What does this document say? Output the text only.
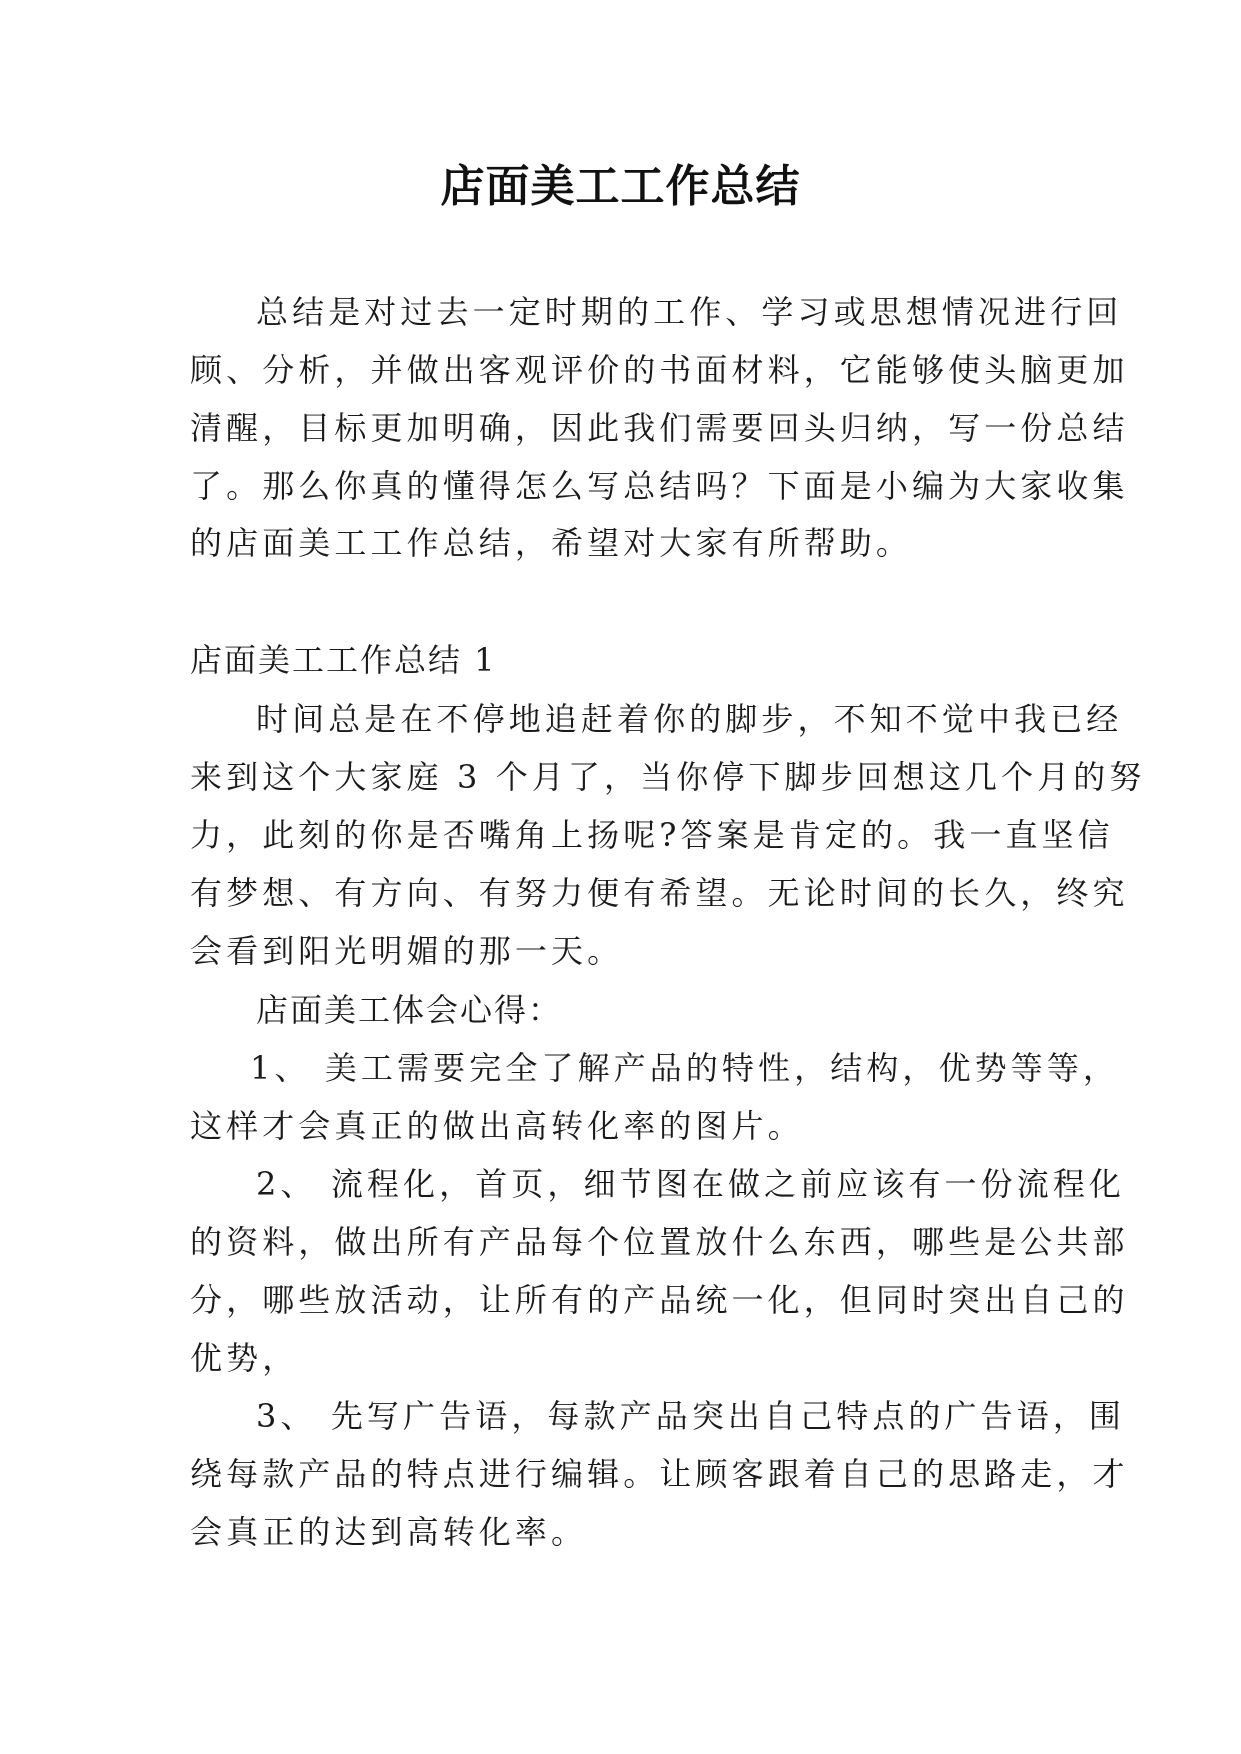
店面美工工作总结

总结是对过去一定时期的工作、学习或思想情况进行回

顾、分析，并做出客观评价的书面材料，它能够使头脑更加

清醒，目标更加明确，因此我们需要回头归纳，写一份总结

了。那么你真的懂得怎么写总结吗？下面是小编为大家收集

的店面美工工作总结，希望对大家有所帮助。

店面美工工作总结 1

时间总是在不停地追赶着你的脚步，不知不觉中我已经

来到这个大家庭 3 个月了，当你停下脚步回想这几个月的努

力，此刻的你是否嘴角上扬呢?答案是肯定的。我一直坚信

有梦想、有方向、有努力便有希望。无论时间的长久，终究

会看到阳光明媚的那一天。

店面美工体会心得：

1、 美工需要完全了解产品的特性，结构，优势等等，

这样才会真正的做出高转化率的图片。

2、 流程化，首页，细节图在做之前应该有一份流程化

的资料，做出所有产品每个位置放什么东西，哪些是公共部

分，哪些放活动，让所有的产品统一化，但同时突出自己的

优势，

3、 先写广告语，每款产品突出自己特点的广告语，围

绕每款产品的特点进行编辑。让顾客跟着自己的思路走，才

会真正的达到高转化率。
